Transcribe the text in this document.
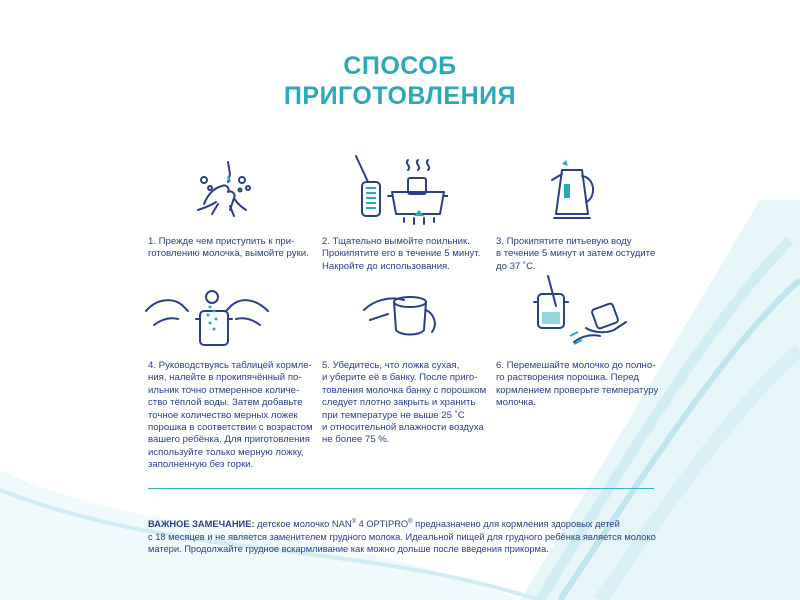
СПОСОБ
ПРИГОТОВЛЕНИЯ
1. Прежде чем приступить к при-
готовлению молочка, вымойте руки.
2. Тщательно вымойте поильник.
Прокипятите его в течение 5 минут.
Накройте до использования.
3. Прокипятите питьевую воду
в течение 5 минут и затем остудите
до 37 ˚С.
4. Руководствуясь таблицей кормле-
ния, налейте в прокипячённый по-
ильник точно отмеренное количе-
ство тёплой воды. Затем добавьте
точное количество мерных ложек
порошка в соответствии с возрастом
вашего ребёнка. Для приготовления
используйте только мерную ложку,
заполненную без горки.
5. Убедитесь, что ложка сухая,
и уберите её в банку. После приго-
товления молочка банку с порошком
следует плотно закрыть и хранить
при температуре не выше 25 ˚С
и относительной влажности воздуха
не более 75 %.
6. Перемешайте молочко до полно-
го растворения порошка. Перед
кормлением проверьте температуру
молочка.
ВАЖНОЕ ЗАМЕЧАНИЕ: детское молочко NAN® 4 OPTIPRO® предназначено для кормления здоровых детей
с 18 месяцев и не является заменителем грудного молока. Идеальной пищей для грудного ребёнка является молоко
матери. Продолжайте грудное вскармливание как можно дольше после введения прикорма.
